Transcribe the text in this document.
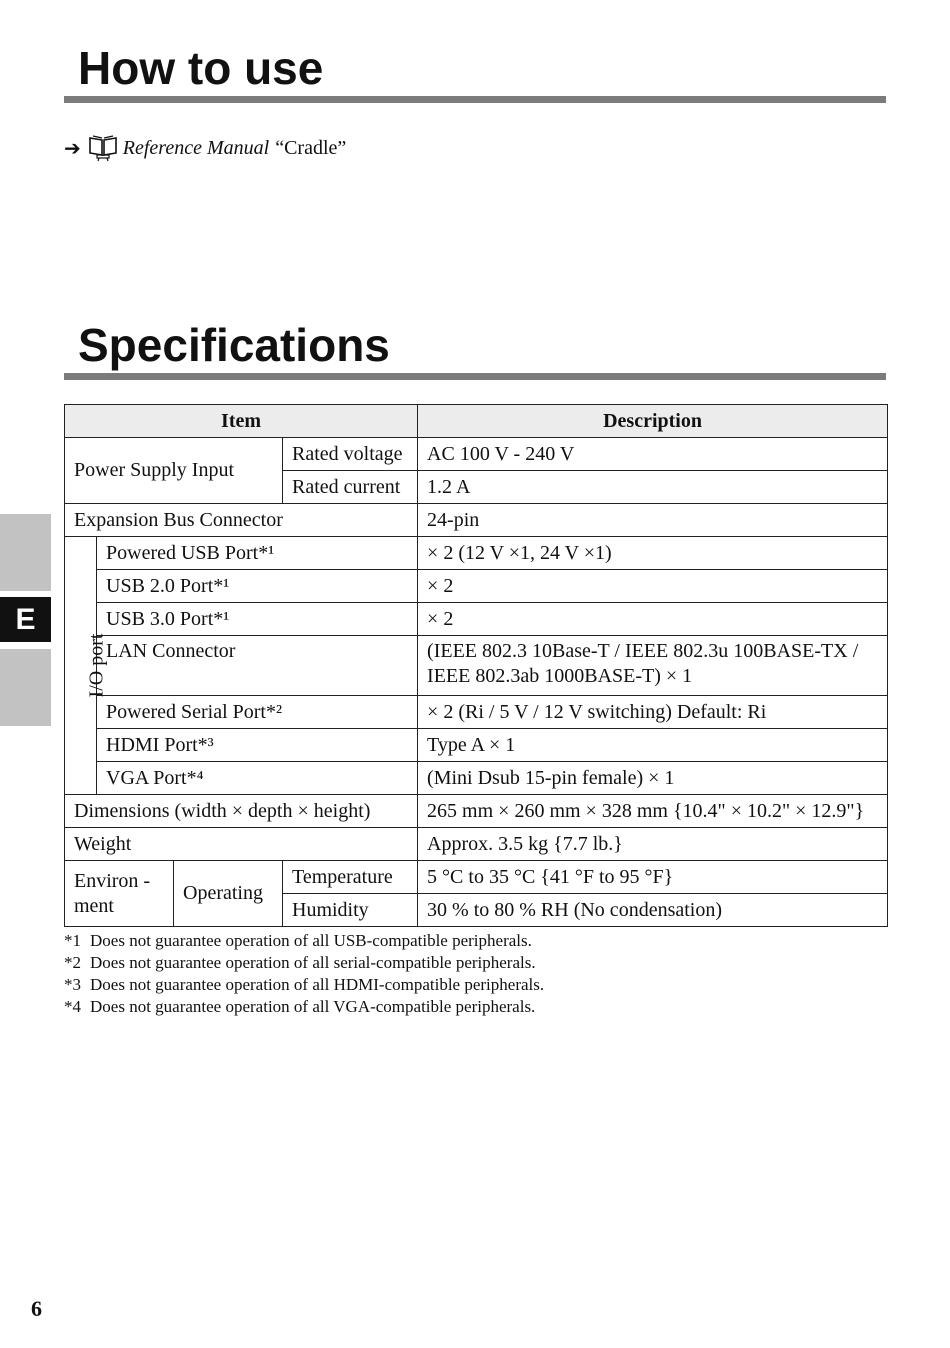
How to use
➔ Reference Manual “Cradle”
Specifications
E
Item				Description
Power Supply Input			Rated voltage	AC 100 V - 240 V
			Rated current	1.2 A
Expansion Bus Connector				24-pin
I/O port	Powered USB Port*¹			× 2 (12 V ×1, 24 V ×1)
	USB 2.0 Port*¹			× 2
	USB 3.0 Port*¹			× 2
	LAN Connector			(IEEE 802.3 10Base-T / IEEE 802.3u 100BASE-TX / IEEE 802.3ab 1000BASE-T) × 1
	Powered Serial Port*²			× 2 (Ri / 5 V / 12 V switching) Default: Ri
	HDMI Port*³			Type A × 1
	VGA Port*⁴			(Mini Dsub 15-pin female) × 1
Dimensions (width × depth × height)				265 mm × 260 mm × 328 mm {10.4" × 10.2" × 12.9"}
Weight				Approx. 3.5 kg {7.7 lb.}
Environ - ment		Operating	Temperature	5 °C to 35 °C {41 °F to 95 °F}
			Humidity	30 % to 80 % RH (No condensation)
*1 Does not guarantee operation of all USB-compatible peripherals.
*2 Does not guarantee operation of all serial-compatible peripherals.
*3 Does not guarantee operation of all HDMI-compatible peripherals.
*4 Does not guarantee operation of all VGA-compatible peripherals.
6
